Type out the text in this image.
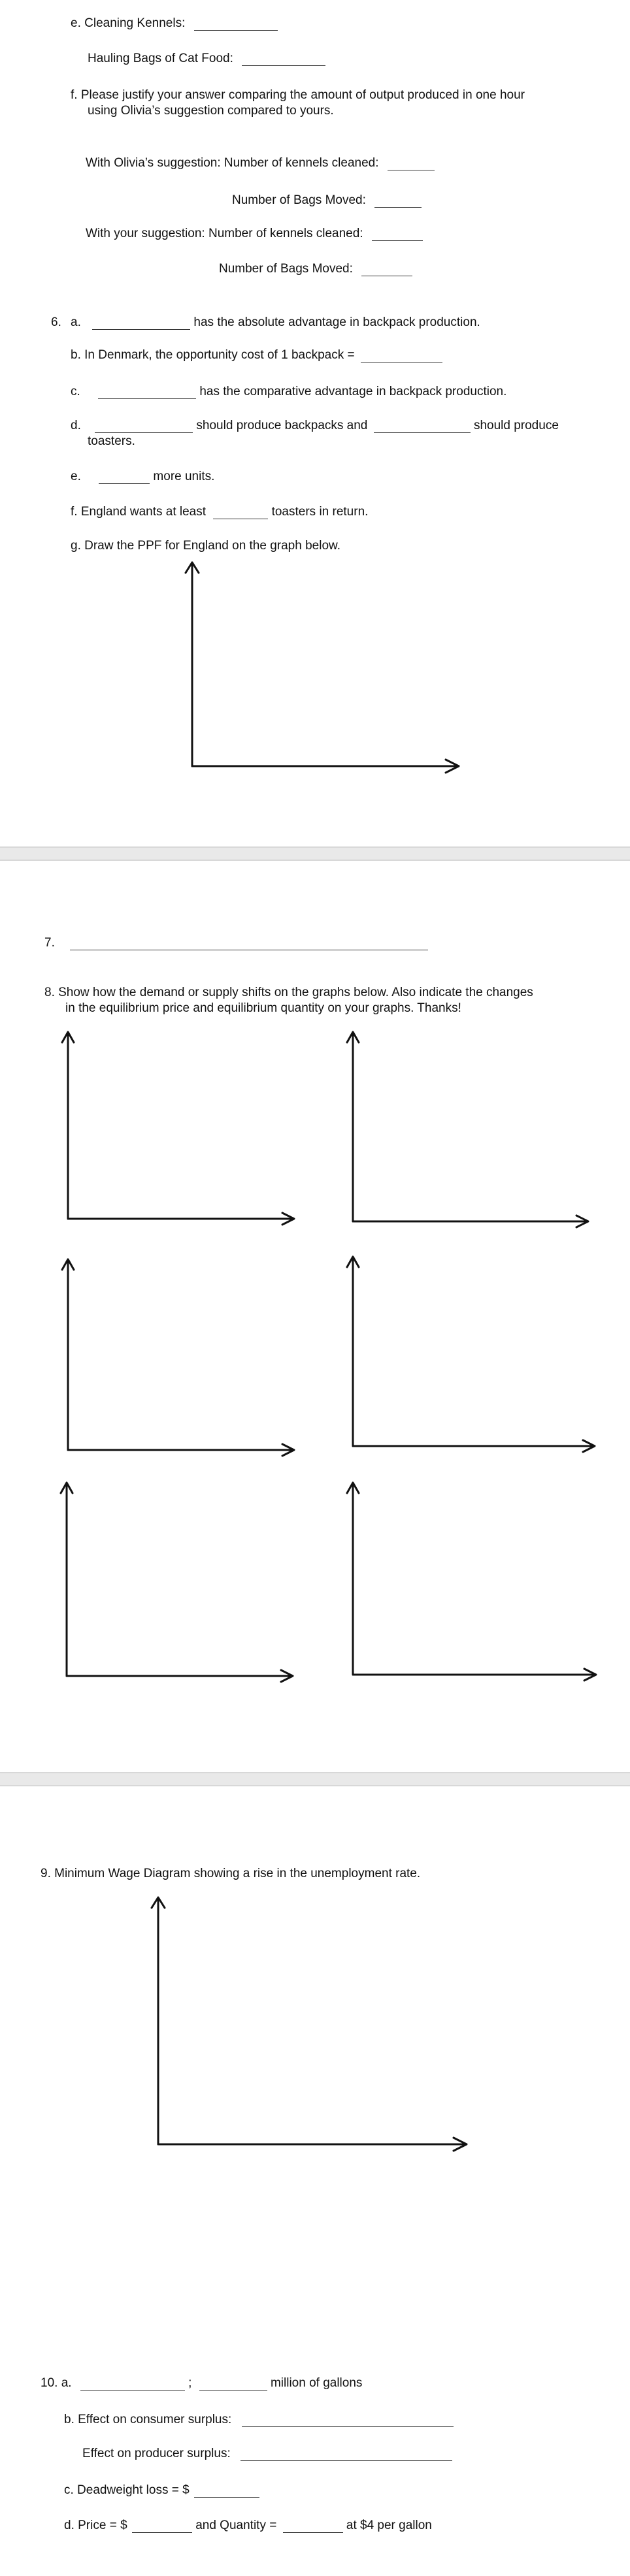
e. Cleaning Kennels:
Hauling Bags of Cat Food:
f. Please justify your answer comparing the amount of output produced in one hour
using Olivia’s suggestion compared to yours.
With Olivia’s suggestion: Number of kennels cleaned:
Number of Bags Moved:
With your suggestion: Number of kennels cleaned:
Number of Bags Moved:
6. a.	has the absolute advantage in backpack production.
b. In Denmark, the opportunity cost of 1 backpack =
c.	has the comparative advantage in backpack production.
d.	should produce backpacks and	should produce
toasters.
e.	more units.
f. England wants at least	toasters in return.
g. Draw the PPF for England on the graph below.
7.
8. Show how the demand or supply shifts on the graphs below. Also indicate the changes
in the equilibrium price and equilibrium quantity on your graphs. Thanks!
9. Minimum Wage Diagram showing a rise in the unemployment rate.
10. a.	;	million of gallons
b. Effect on consumer surplus:
Effect on producer surplus:
c. Deadweight loss = $
d. Price = $	and Quantity =	at $4 per gallon
